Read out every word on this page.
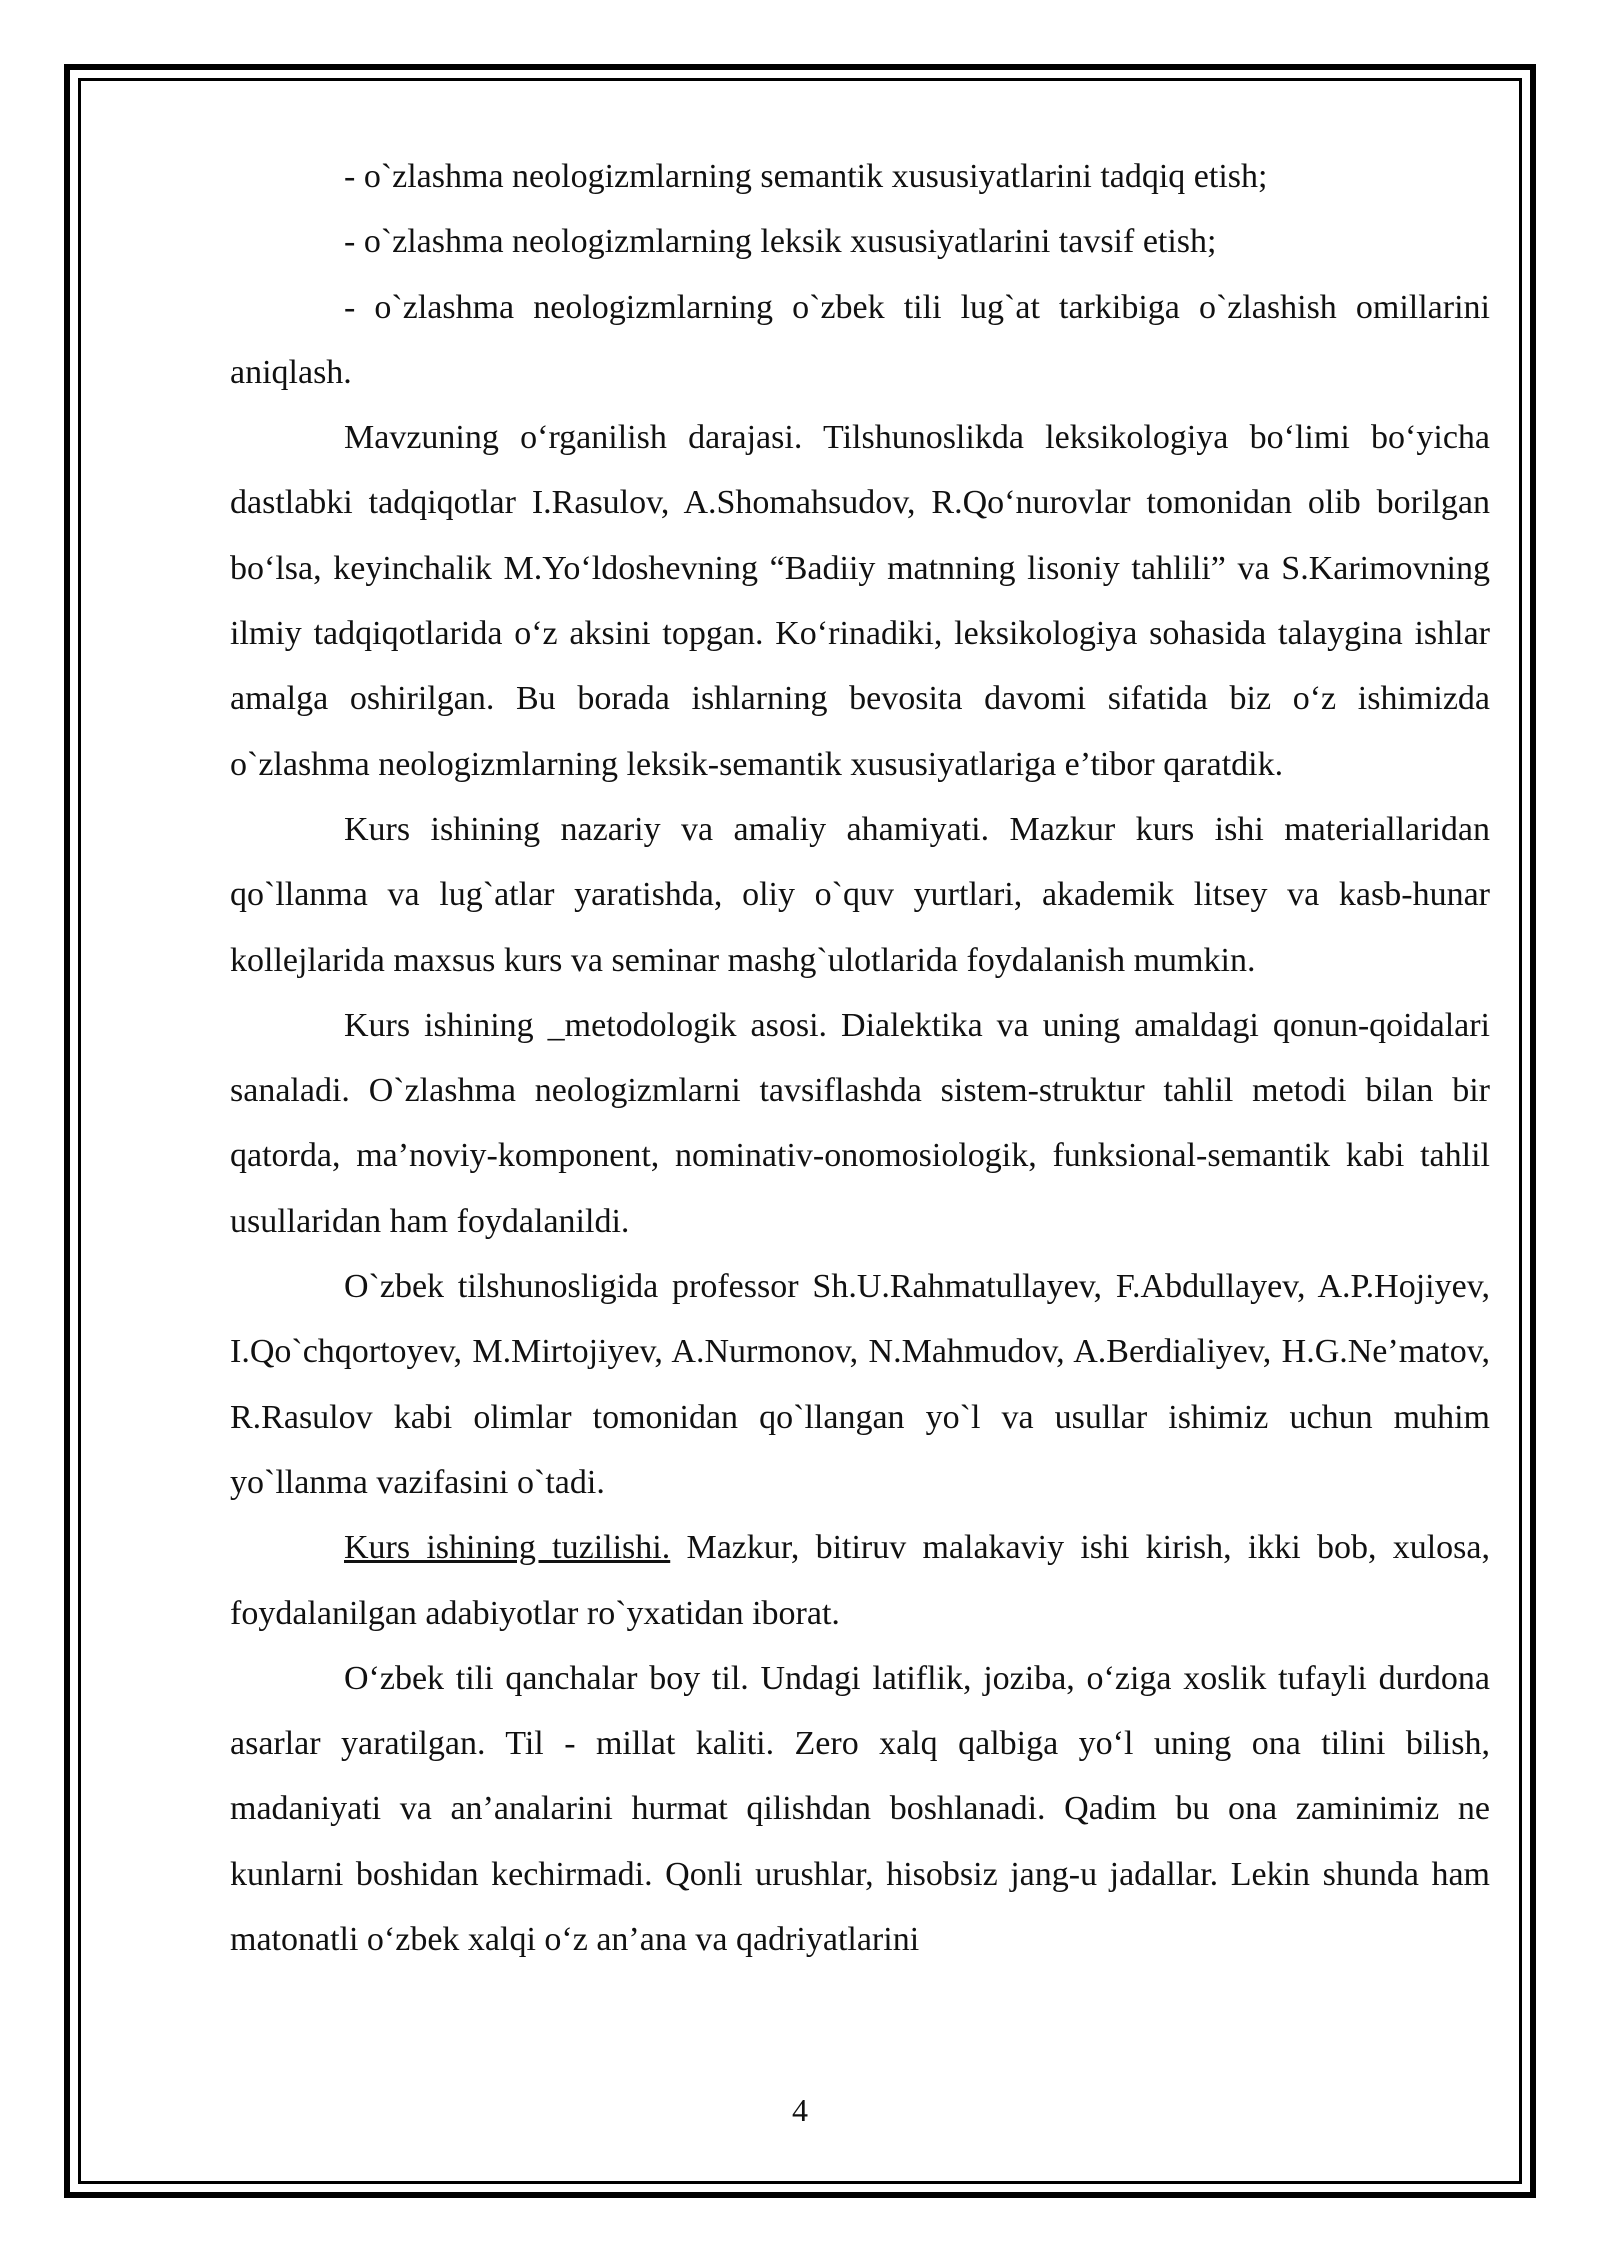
- o`zlashma neologizmlarning semantik xususiyatlarini tadqiq etish;

- o`zlashma neologizmlarning leksik xususiyatlarini tavsif etish;

- o`zlashma neologizmlarning o`zbek tili lug`at tarkibiga o`zlashish omillarini aniqlash.

Mavzuning o‘rganilish darajasi. Tilshunoslikda leksikologiya bo‘limi bo‘yicha dastlabki tadqiqotlar I.Rasulov, A.Shomahsudov, R.Qo‘nurovlar tomonidan olib borilgan bo‘lsa, keyinchalik M.Yo‘ldoshevning “Badiiy matnning lisoniy tahlili” va S.Karimovning ilmiy tadqiqotlarida o‘z aksini topgan. Ko‘rinadiki, leksikologiya sohasida talaygina ishlar amalga oshirilgan. Bu borada ishlarning bevosita davomi sifatida biz o‘z ishimizda o`zlashma neologizmlarning leksik-semantik xususiyatlariga e’tibor qaratdik.

Kurs ishining nazariy va amaliy ahamiyati. Mazkur kurs ishi materiallaridan qo`llanma va lug`atlar yaratishda, oliy o`quv yurtlari, akademik litsey va kasb-hunar kollejlarida maxsus kurs va seminar mashg`ulotlarida foydalanish mumkin.

Kurs ishining _metodologik asosi. Dialektika va uning amaldagi qonun-qoidalari sanaladi. O`zlashma neologizmlarni tavsiflashda sistem-struktur tahlil metodi bilan bir qatorda, ma’noviy-komponent, nominativ-onomosiologik, funksional-semantik kabi tahlil usullaridan ham foydalanildi.

O`zbek tilshunosligida professor Sh.U.Rahmatullayev, F.Abdullayev, A.P.Hojiyev, I.Qo`chqortoyev, M.Mirtojiyev, A.Nurmonov, N.Mahmudov, A.Berdialiyev, H.G.Ne’matov, R.Rasulov kabi olimlar tomonidan qo`llangan yo`l va usullar ishimiz uchun muhim yo`llanma vazifasini o`tadi.

Kurs ishining tuzilishi. Mazkur, bitiruv malakaviy ishi kirish, ikki bob, xulosa, foydalanilgan adabiyotlar ro`yxatidan iborat.

O‘zbek tili qanchalar boy til. Undagi latiflik, joziba, o‘ziga xoslik tufayli durdona asarlar yaratilgan. Til - millat kaliti. Zero xalq qalbiga yo‘l uning ona tilini bilish, madaniyati va an’analarini hurmat qilishdan boshlanadi. Qadim bu ona zaminimiz ne kunlarni boshidan kechirmadi. Qonli urushlar, hisobsiz jang-u jadallar. Lekin shunda ham matonatli o‘zbek xalqi o‘z an’ana va qadriyatlarini

4
